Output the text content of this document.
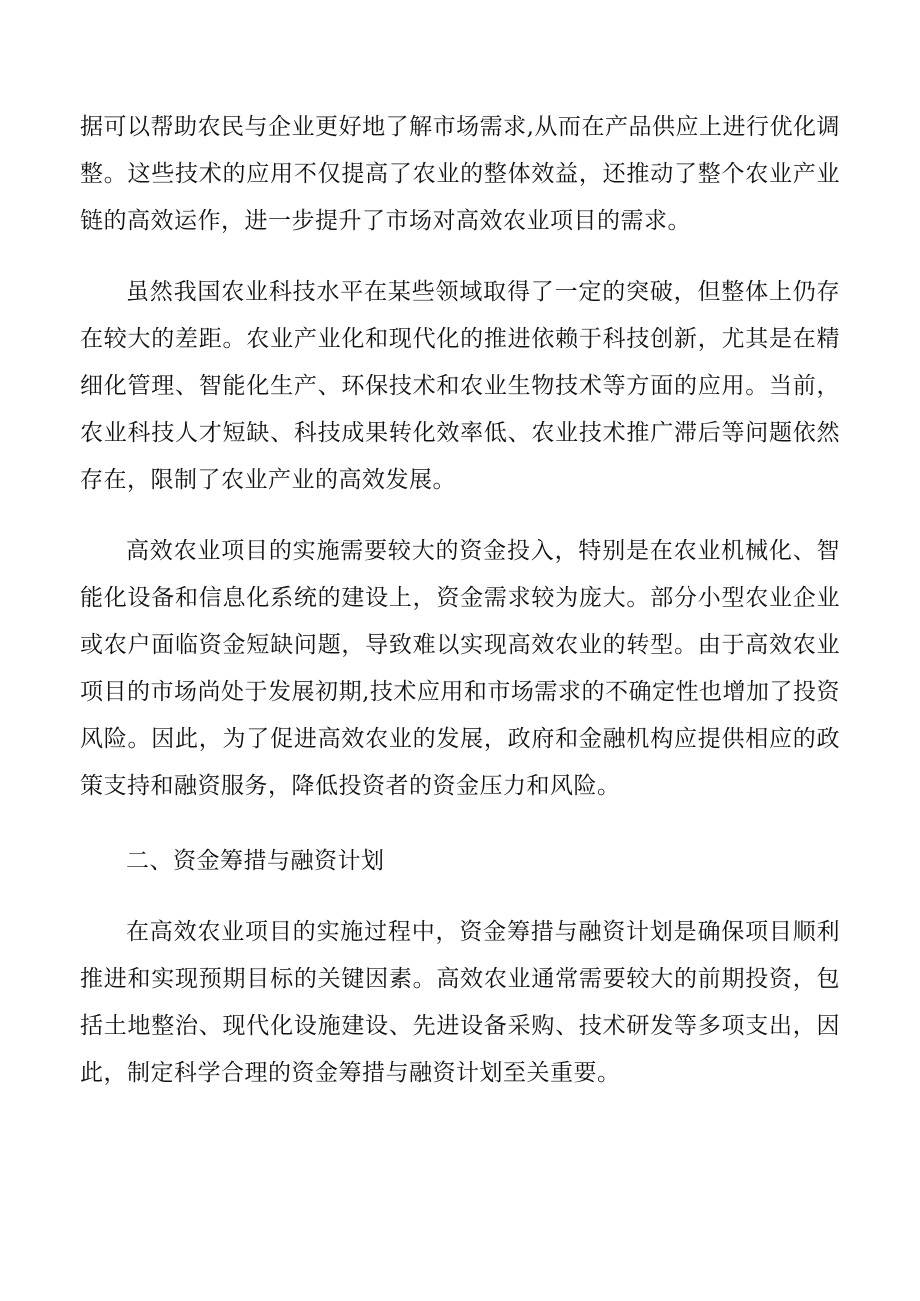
据可以帮助农民与企业更好地了解市场需求,从而在产品供应上进行优化调整。这些技术的应用不仅提高了农业的整体效益，还推动了整个农业产业链的高效运作，进一步提升了市场对高效农业项目的需求。

虽然我国农业科技水平在某些领域取得了一定的突破，但整体上仍存在较大的差距。农业产业化和现代化的推进依赖于科技创新，尤其是在精细化管理、智能化生产、环保技术和农业生物技术等方面的应用。当前，农业科技人才短缺、科技成果转化效率低、农业技术推广滞后等问题依然存在，限制了农业产业的高效发展。

高效农业项目的实施需要较大的资金投入，特别是在农业机械化、智能化设备和信息化系统的建设上，资金需求较为庞大。部分小型农业企业或农户面临资金短缺问题，导致难以实现高效农业的转型。由于高效农业项目的市场尚处于发展初期,技术应用和市场需求的不确定性也增加了投资风险。因此，为了促进高效农业的发展，政府和金融机构应提供相应的政策支持和融资服务，降低投资者的资金压力和风险。

二、资金筹措与融资计划

在高效农业项目的实施过程中，资金筹措与融资计划是确保项目顺利推进和实现预期目标的关键因素。高效农业通常需要较大的前期投资，包括土地整治、现代化设施建设、先进设备采购、技术研发等多项支出，因此，制定科学合理的资金筹措与融资计划至关重要。
